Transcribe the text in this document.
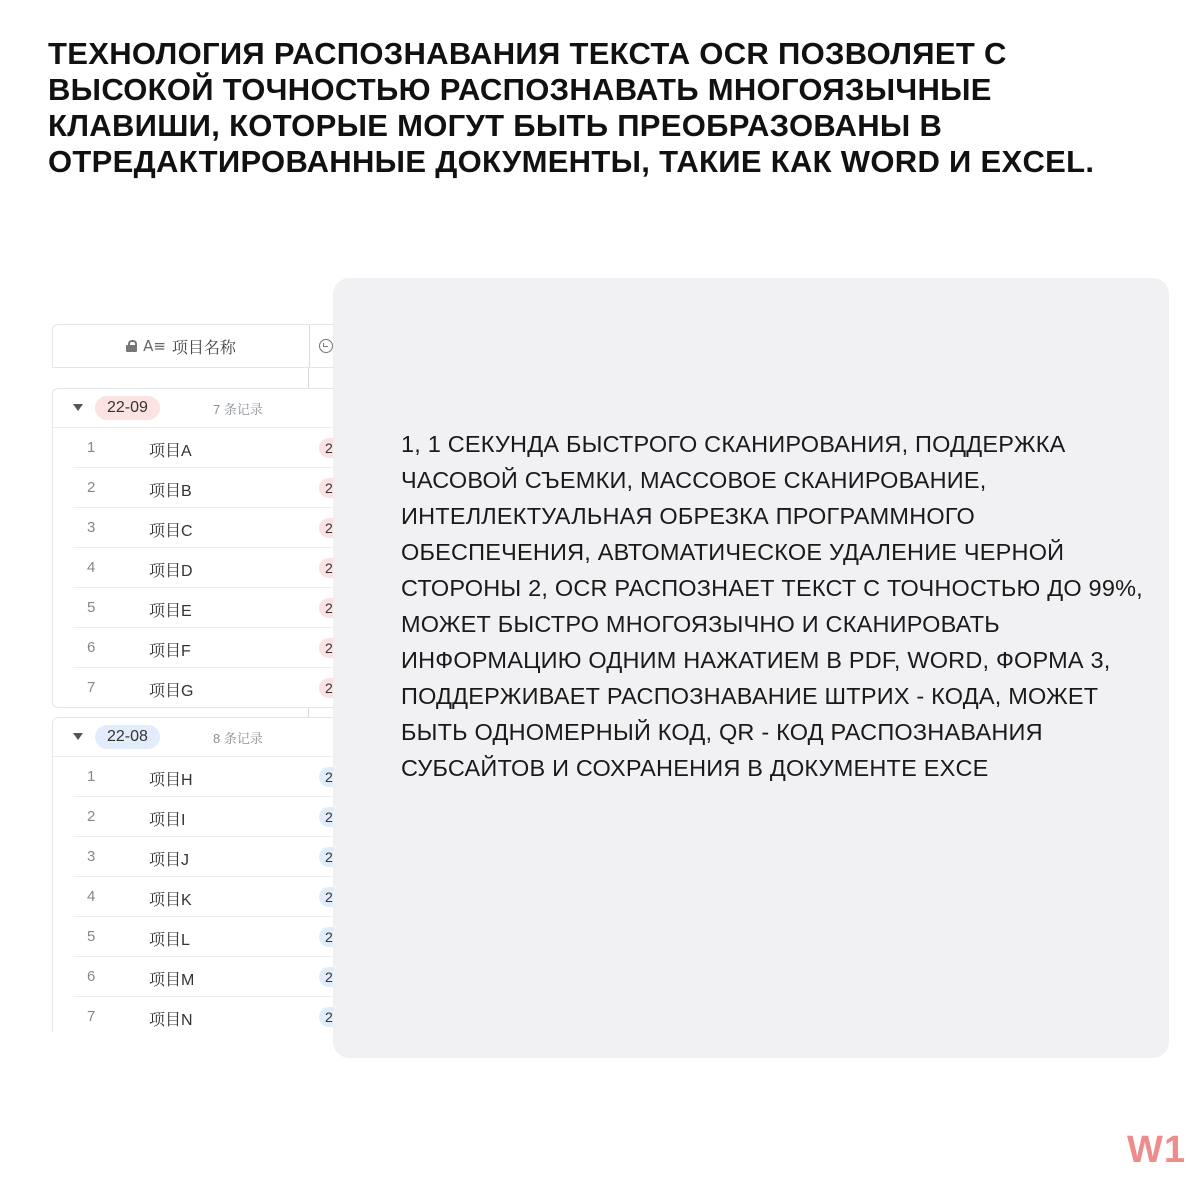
ТЕХНОЛОГИЯ РАСПОЗНАВАНИЯ ТЕКСТА OCR ПОЗВОЛЯЕТ С ВЫСОКОЙ ТОЧНОСТЬЮ РАСПОЗНАВАТЬ МНОГОЯЗЫЧНЫЕ КЛАВИШИ, КОТОРЫЕ МОГУТ БЫТЬ ПРЕОБРАЗОВАНЫ В ОТРЕДАКТИРОВАННЫЕ ДОКУМЕНТЫ, ТАКИЕ КАК WORD И EXCEL.
A≡ 项目名称
22-09	7 条记录
1	项目A	2
2	项目B	2
3	项目C	2
4	项目D	2
5	项目E	2
6	项目F	2
7	项目G	2
22-08	8 条记录
1	项目H	2
2	项目I	2
3	项目J	2
4	项目K	2
5	项目L	2
6	项目M	2
7	项目N	2

1, 1 СЕКУНДА БЫСТРОГО СКАНИРОВАНИЯ, ПОДДЕРЖКА ЧАСОВОЙ СЪЕМКИ, МАССОВОЕ СКАНИРОВАНИЕ, ИНТЕЛЛЕКТУАЛЬНАЯ ОБРЕЗКА ПРОГРАММНОГО ОБЕСПЕЧЕНИЯ, АВТОМАТИЧЕСКОЕ УДАЛЕНИЕ ЧЕРНОЙ СТОРОНЫ 2, OCR РАСПОЗНАЕТ ТЕКСТ С ТОЧНОСТЬЮ ДО 99%, МОЖЕТ БЫСТРО МНОГОЯЗЫЧНО И СКАНИРОВАТЬ ИНФОРМАЦИЮ ОДНИМ НАЖАТИЕМ В PDF, WORD, ФОРМА 3, ПОДДЕРЖИВАЕТ РАСПОЗНАВАНИЕ ШТРИХ - КОДА, МОЖЕТ БЫТЬ ОДНОМЕРНЫЙ КОД, QR - КОД РАСПОЗНАВАНИЯ СУБСАЙТОВ И СОХРАНЕНИЯ В ДОКУМЕНТЕ EXCE

W1
